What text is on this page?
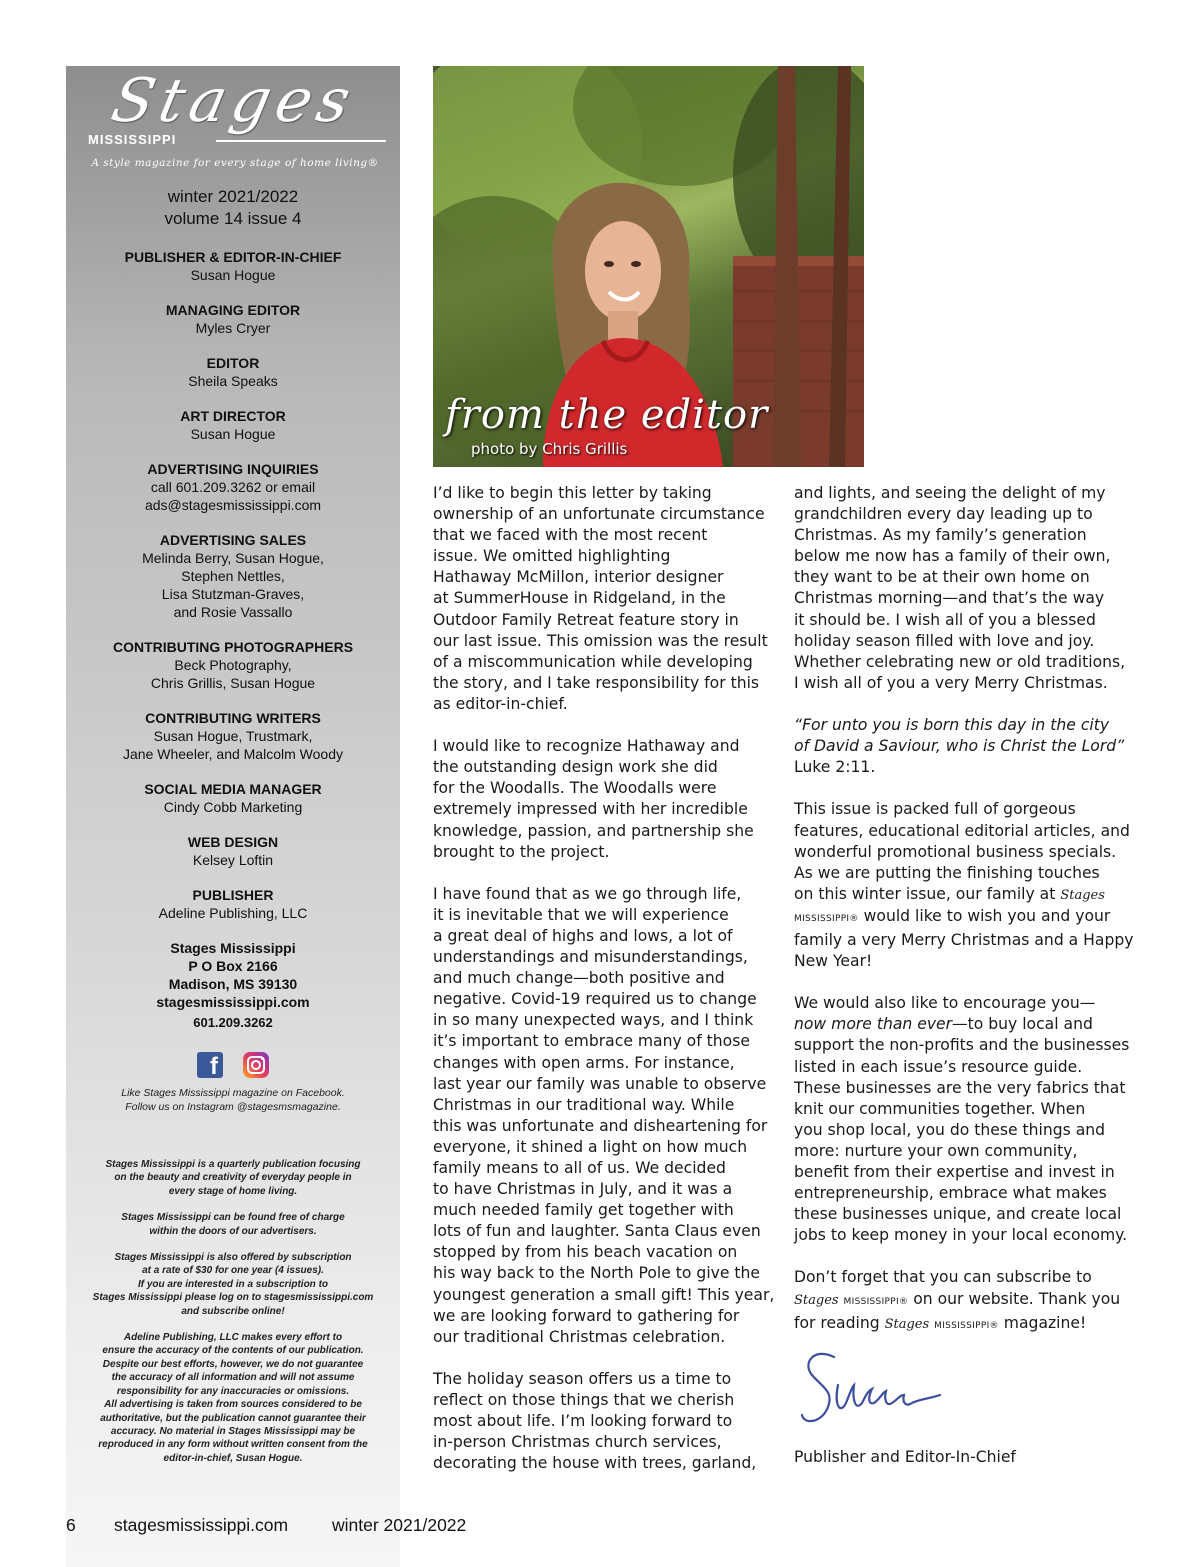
Stages
MISSISSIPPI
A style magazine for every stage of home living®
winter 2021/2022
volume 14 issue 4
PUBLISHER & EDITOR-IN-CHIEF
Susan Hogue
MANAGING EDITOR
Myles Cryer
EDITOR
Sheila Speaks
ART DIRECTOR
Susan Hogue
ADVERTISING INQUIRIES
call 601.209.3262 or email
ads@stagesmississippi.com
ADVERTISING SALES
Melinda Berry, Susan Hogue,
Stephen Nettles,
Lisa Stutzman-Graves,
and Rosie Vassallo
CONTRIBUTING PHOTOGRAPHERS
Beck Photography,
Chris Grillis, Susan Hogue
CONTRIBUTING WRITERS
Susan Hogue, Trustmark,
Jane Wheeler, and Malcolm Woody
SOCIAL MEDIA MANAGER
Cindy Cobb Marketing
WEB DESIGN
Kelsey Loftin
PUBLISHER
Adeline Publishing, LLC
Stages Mississippi
P O Box 2166
Madison, MS 39130
stagesmississippi.com
601.209.3262
f
Like Stages Mississippi magazine on Facebook.
Follow us on Instagram @stagesmsmagazine.
Stages Mississippi is a quarterly publication focusing
on the beauty and creativity of everyday people in
every stage of home living.
Stages Mississippi can be found free of charge
within the doors of our advertisers.
Stages Mississippi is also offered by subscription
at a rate of $30 for one year (4 issues).
If you are interested in a subscription to
Stages Mississippi please log on to stagesmississippi.com
and subscribe online!
Adeline Publishing, LLC makes every effort to
ensure the accuracy of the contents of our publication.
Despite our best efforts, however, we do not guarantee
the accuracy of all information and will not assume
responsibility for any inaccuracies or omissions.
All advertising is taken from sources considered to be
authoritative, but the publication cannot guarantee their
accuracy. No material in Stages Mississippi may be
reproduced in any form without written consent from the
editor-in-chief, Susan Hogue.
from the editor
photo by Chris Grillis
I’d like to begin this letter by taking
ownership of an unfortunate circumstance
that we faced with the most recent
issue. We omitted highlighting
Hathaway McMillon, interior designer
at SummerHouse in Ridgeland, in the
Outdoor Family Retreat feature story in
our last issue. This omission was the result
of a miscommunication while developing
the story, and I take responsibility for this
as editor-in-chief.
I would like to recognize Hathaway and
the outstanding design work she did
for the Woodalls. The Woodalls were
extremely impressed with her incredible
knowledge, passion, and partnership she
brought to the project.
I have found that as we go through life,
it is inevitable that we will experience
a great deal of highs and lows, a lot of
understandings and misunderstandings,
and much change—both positive and
negative. Covid-19 required us to change
in so many unexpected ways, and I think
it’s important to embrace many of those
changes with open arms. For instance,
last year our family was unable to observe
Christmas in our traditional way. While
this was unfortunate and disheartening for
everyone, it shined a light on how much
family means to all of us. We decided
to have Christmas in July, and it was a
much needed family get together with
lots of fun and laughter. Santa Claus even
stopped by from his beach vacation on
his way back to the North Pole to give the
youngest generation a small gift! This year,
we are looking forward to gathering for
our traditional Christmas celebration.
The holiday season offers us a time to
reflect on those things that we cherish
most about life. I’m looking forward to
in-person Christmas church services,
decorating the house with trees, garland,
and lights, and seeing the delight of my
grandchildren every day leading up to
Christmas. As my family’s generation
below me now has a family of their own,
they want to be at their own home on
Christmas morning—and that’s the way
it should be. I wish all of you a blessed
holiday season filled with love and joy.
Whether celebrating new or old traditions,
I wish all of you a very Merry Christmas.
“For unto you is born this day in the city
of David a Saviour, who is Christ the Lord”
Luke 2:11.
This issue is packed full of gorgeous
features, educational editorial articles, and
wonderful promotional business specials.
As we are putting the finishing touches
on this winter issue, our family at Stages
MISSISSIPPI® would like to wish you and your
family a very Merry Christmas and a Happy
New Year!
We would also like to encourage you—
now more than ever—to buy local and
support the non-profits and the businesses
listed in each issue’s resource guide.
These businesses are the very fabrics that
knit our communities together. When
you shop local, you do these things and
more: nurture your own community,
benefit from their expertise and invest in
entrepreneurship, embrace what makes
these businesses unique, and create local
jobs to keep money in your local economy.
Don’t forget that you can subscribe to
Stages MISSISSIPPI® on our website. Thank you
for reading Stages MISSISSIPPI® magazine!
Publisher and Editor-In-Chief
6 stagesmississippi.com	winter 2021/2022
